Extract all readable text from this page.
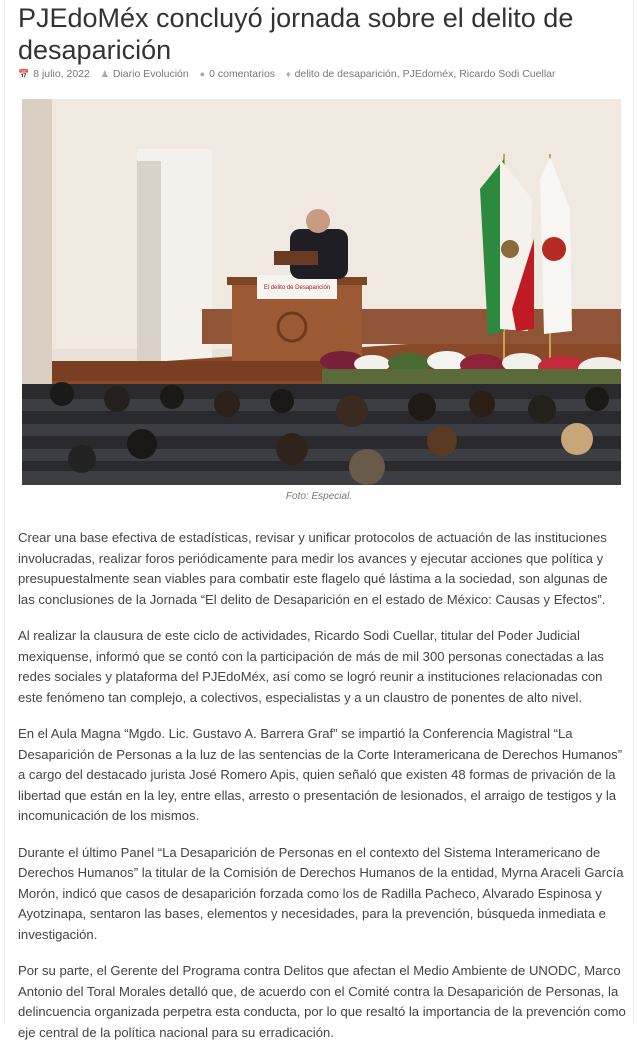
PJEdoMéx concluyó jornada sobre el delito de desaparición
📅 8 julio, 2022 ♟ Diario Evolución ● 0 comentarios ♦ delito de desaparición, PJEdoméx, Ricardo Sodi Cuellar
El delito de Desaparición
Foto: Especial.

Crear una base efectiva de estadísticas, revisar y unificar protocolos de actuación de las instituciones involucradas, realizar foros periódicamente para medir los avances y ejecutar acciones que política y presupuestalmente sean viables para combatir este flagelo qué lástima a la sociedad, son algunas de las conclusiones de la Jornada “El delito de Desaparición en el estado de México: Causas y Efectos”.

Al realizar la clausura de este ciclo de actividades, Ricardo Sodi Cuellar, titular del Poder Judicial mexiquense, informó que se contó con la participación de más de mil 300 personas conectadas a las redes sociales y plataforma del PJEdoMéx, así como se logró reunir a instituciones relacionadas con este fenómeno tan complejo, a colectivos, especialistas y a un claustro de ponentes de alto nivel.

En el Aula Magna “Mgdo. Lic. Gustavo A. Barrera Graf” se impartió la Conferencia Magistral “La Desaparición de Personas a la luz de las sentencias de la Corte Interamericana de Derechos Humanos” a cargo del destacado jurista José Romero Apis, quien señaló que existen 48 formas de privación de la libertad que están en la ley, entre ellas, arresto o presentación de lesionados, el arraigo de testigos y la incomunicación de los mismos.

Durante el último Panel “La Desaparición de Personas en el contexto del Sistema Interamericano de Derechos Humanos” la titular de la Comisión de Derechos Humanos de la entidad, Myrna Araceli García Morón, indicó que casos de desaparición forzada como los de Radilla Pacheco, Alvarado Espinosa y Ayotzinapa, sentaron las bases, elementos y necesidades, para la prevención, búsqueda inmediata e investigación.

Por su parte, el Gerente del Programa contra Delitos que afectan el Medio Ambiente de UNODC, Marco Antonio del Toral Morales detalló que, de acuerdo con el Comité contra la Desaparición de Personas, la delincuencia organizada perpetra esta conducta, por lo que resaltó la importancia de la prevención como eje central de la política nacional para su erradicación.
